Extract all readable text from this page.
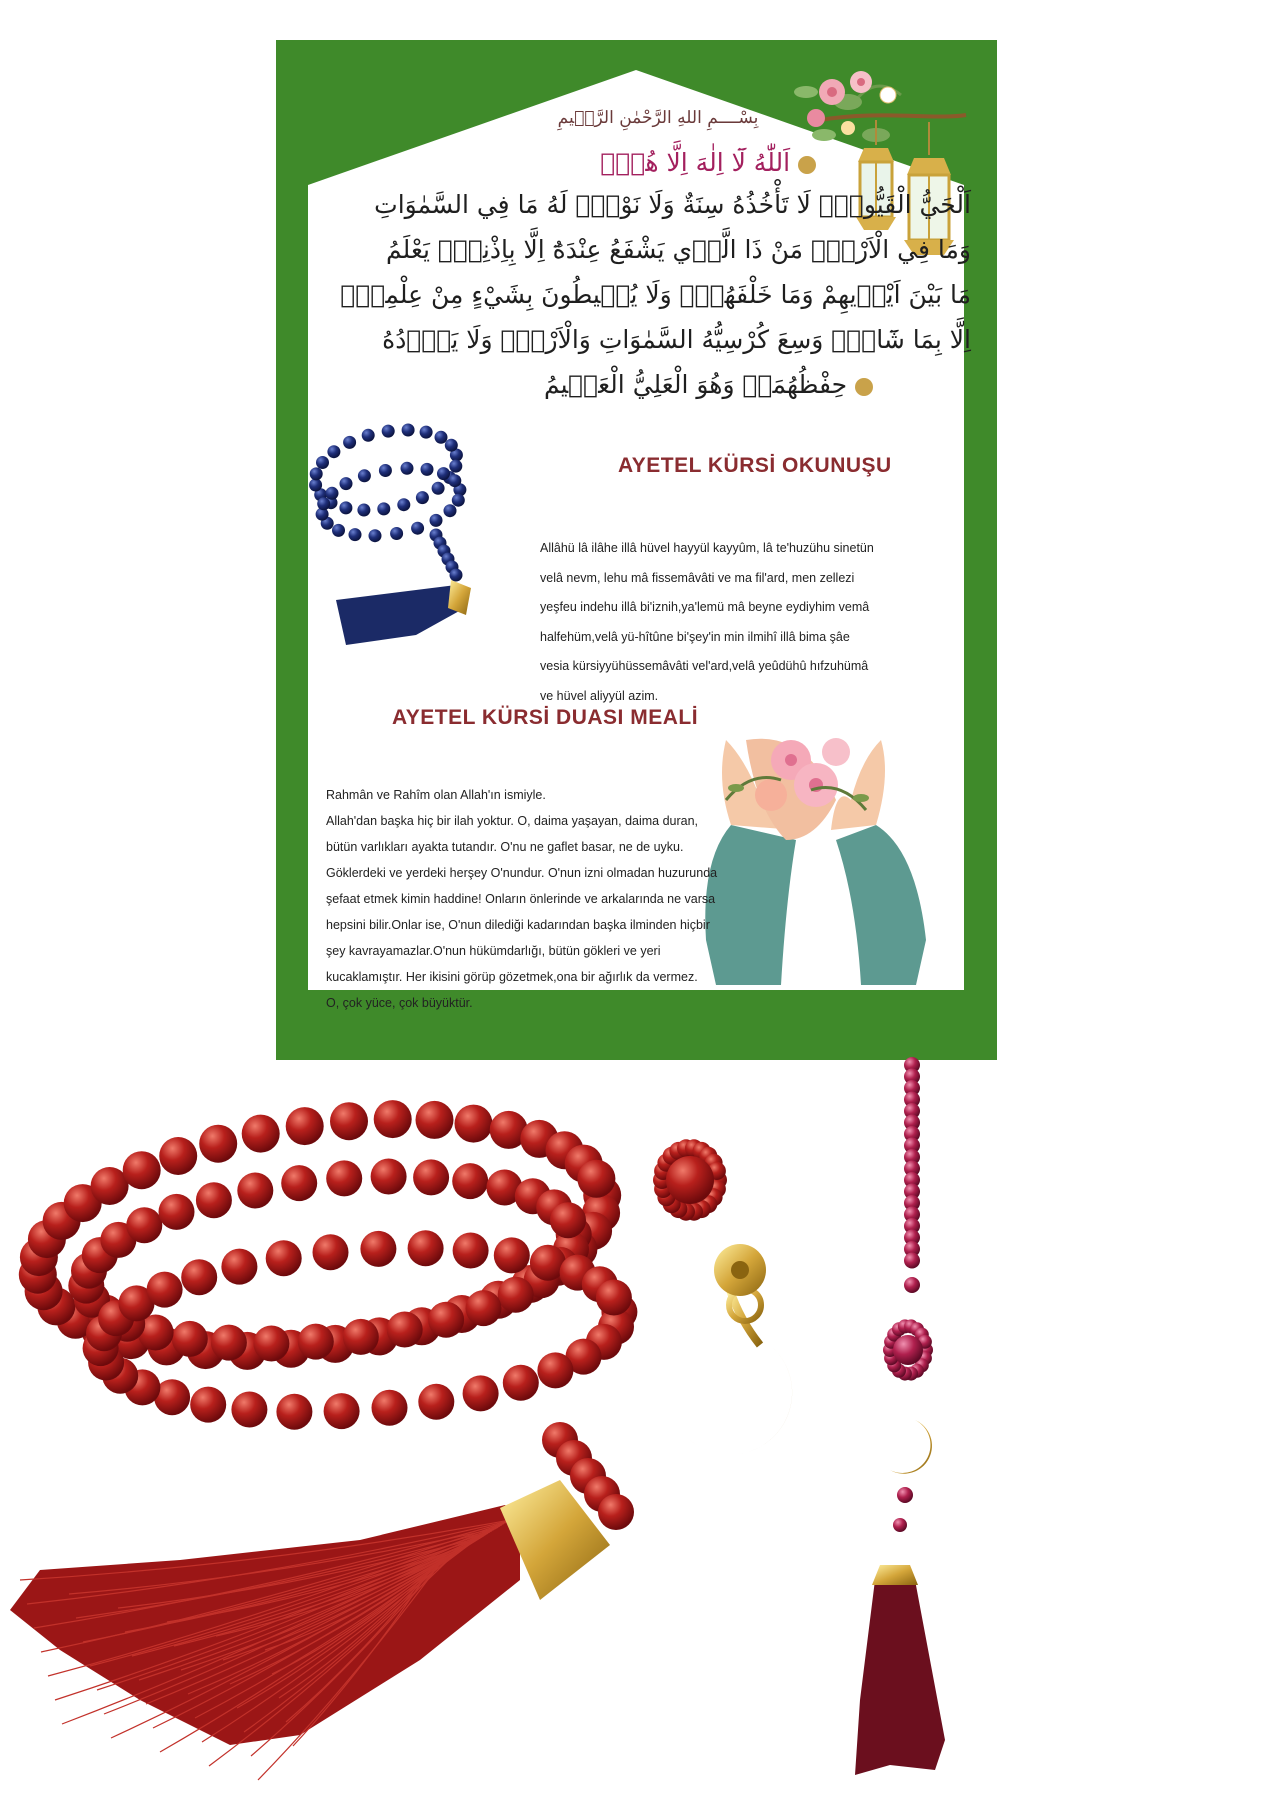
بِسْــــمِ اللهِ الرَّحْمٰنِ الرَّح۪يمِ
اَللّٰهُ لَٓا اِلٰهَ اِلَّا هُوَۚ
اَلْحَيُّ الْقَيُّومُۚ لَا تَأْخُذُهُ سِنَةٌ وَلَا نَوْمٌۜ لَهُ مَا فِي السَّمٰوَاتِ
وَمَا فِي الْاَرْضِۜ مَنْ ذَا الَّذ۪ي يَشْفَعُ عِنْدَهُٓ اِلَّا بِاِذْنِه۪ۜ يَعْلَمُ
مَا بَيْنَ اَيْد۪يهِمْ وَمَا خَلْفَهُمْۚ وَلَا يُح۪يطُونَ بِشَيْءٍ مِنْ عِلْمِه۪ٓ
اِلَّا بِمَا شَٓاءَۚ وَسِعَ كُرْسِيُّهُ السَّمٰوَاتِ وَالْاَرْضَۚ وَلَا يَؤُ۫دُهُ
حِفْظُهُمَاۚ وَهُوَ الْعَلِيُّ الْعَظ۪يمُ
AYETEL KÜRSİ OKUNUŞU
Allâhü lâ ilâhe illâ hüvel hayyül kayyûm, lâ te'huzühu sinetün
velâ nevm, lehu mâ fissemâvâti ve ma fil'ard, men zellezi
yeşfeu indehu illâ bi'iznih,ya'lemü mâ beyne eydiyhim vemâ
halfehüm,velâ yü-hîtûne bi'şey'in min ilmihî illâ bima şâe
vesia kürsiyyühüssemâvâti vel'ard,velâ yeûdühû hıfzuhümâ
ve hüvel aliyyül azim.
AYETEL KÜRSİ DUASI MEALİ
Rahmân ve Rahîm olan Allah'ın ismiyle.
Allah'dan başka hiç bir ilah yoktur. O, daima yaşayan, daima duran,
bütün varlıkları ayakta tutandır. O'nu ne gaflet basar, ne de uyku.
Göklerdeki ve yerdeki herşey O'nundur. O'nun izni olmadan huzurunda
şefaat etmek kimin haddine! Onların önlerinde ve arkalarında ne varsa
hepsini bilir.Onlar ise, O'nun dilediği kadarından başka ilminden hiçbir
şey kavrayamazlar.O'nun hükümdarlığı, bütün gökleri ve yeri
kucaklamıştır. Her ikisini görüp gözetmek,ona bir ağırlık da vermez.
O, çok yüce, çok büyüktür.
